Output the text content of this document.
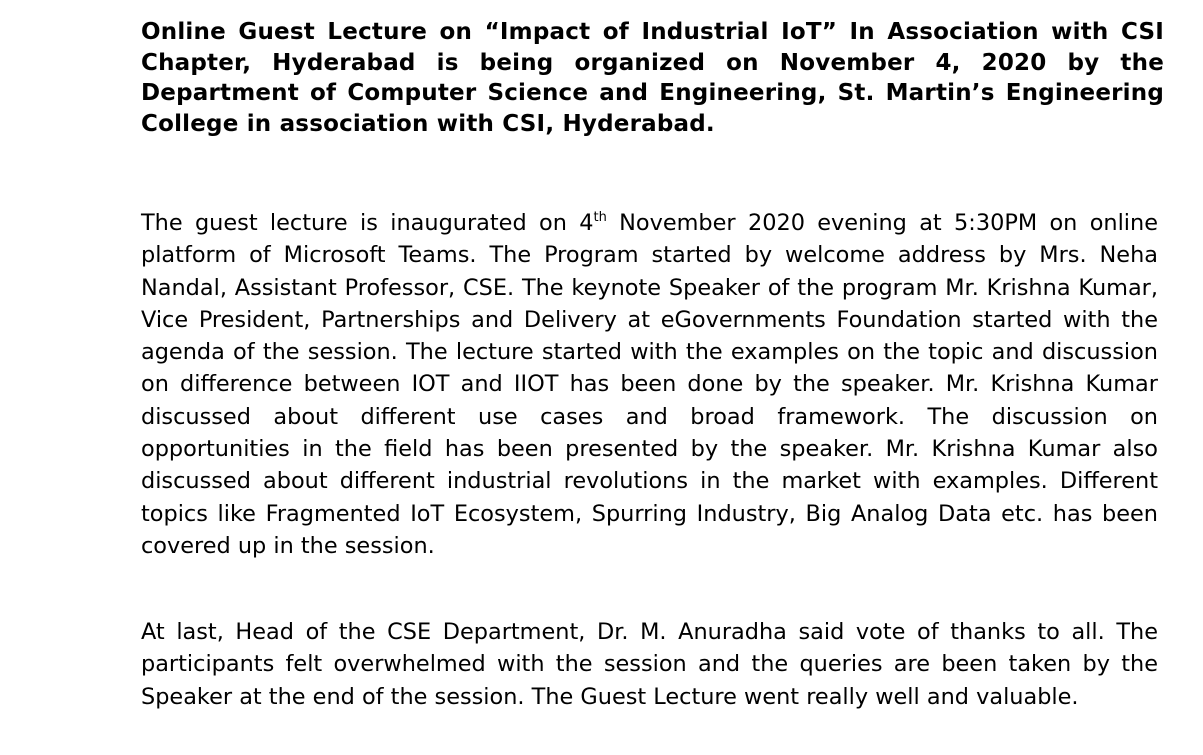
Online Guest Lecture on “Impact of Industrial IoT” In Association with CSI Chapter, Hyderabad is being organized on November 4, 2020 by the Department of Computer Science and Engineering, St. Martin’s Engineering College in association with CSI, Hyderabad.

The guest lecture is inaugurated on 4th November 2020 evening at 5:30PM on online platform of Microsoft Teams. The Program started by welcome address by Mrs. Neha Nandal, Assistant Professor, CSE. The keynote Speaker of the program Mr. Krishna Kumar, Vice President, Partnerships and Delivery at eGovernments Foundation started with the agenda of the session. The lecture started with the examples on the topic and discussion on difference between IOT and IIOT has been done by the speaker. Mr. Krishna Kumar discussed about different use cases and broad framework. The discussion on opportunities in the field has been presented by the speaker. Mr. Krishna Kumar also discussed about different industrial revolutions in the market with examples. Different topics like Fragmented IoT Ecosystem, Spurring Industry, Big Analog Data etc. has been covered up in the session.

At last, Head of the CSE Department, Dr. M. Anuradha said vote of thanks to all. The participants felt overwhelmed with the session and the queries are been taken by the Speaker at the end of the session. The Guest Lecture went really well and valuable.
